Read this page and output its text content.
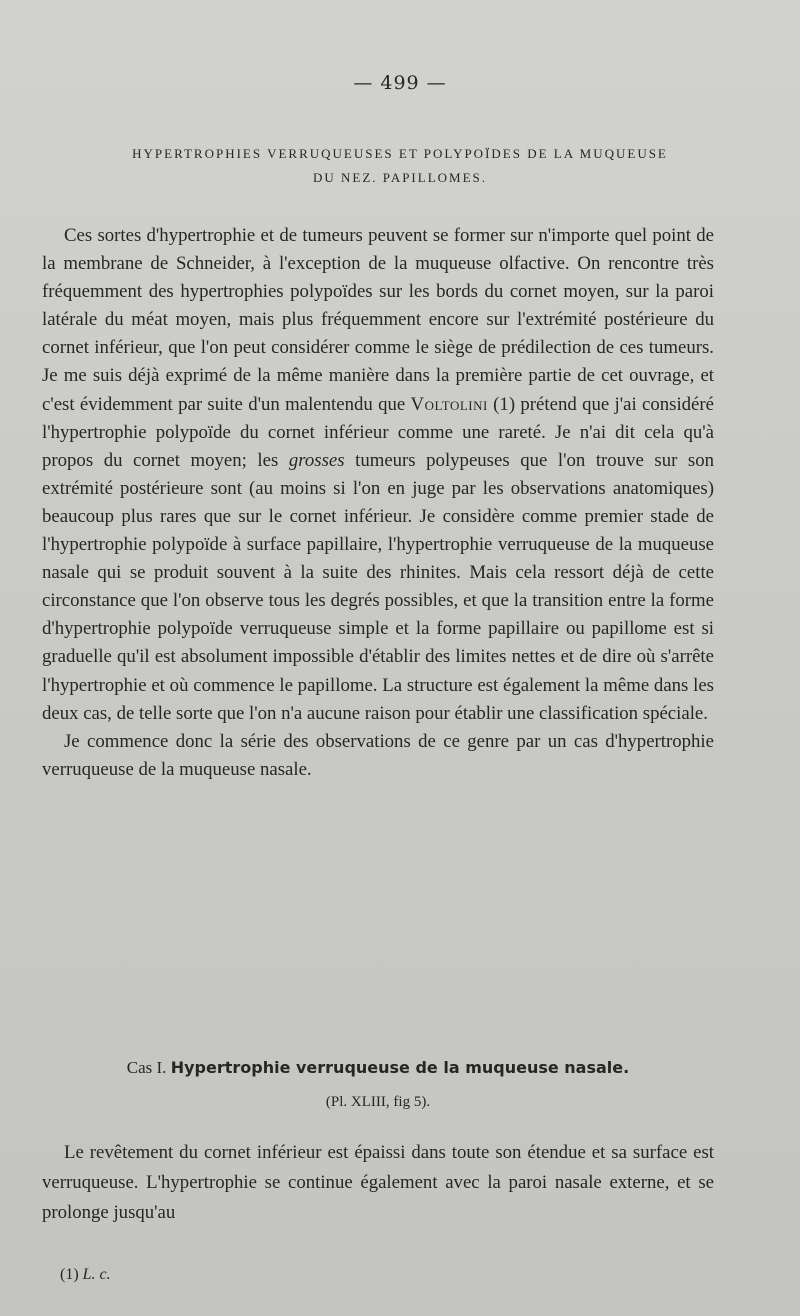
— 499 —
HYPERTROPHIES VERRUQUEUSES ET POLYPOÏDES DE LA MUQUEUSE
DU NEZ. PAPILLOMES.

Ces sortes d'hypertrophie et de tumeurs peuvent se former sur n'importe quel point de la membrane de Schneider, à l'exception de la muqueuse olfactive. On rencontre très fréquemment des hypertrophies polypoïdes sur les bords du cornet moyen, sur la paroi latérale du méat moyen, mais plus fréquemment encore sur l'extrémité postérieure du cornet inférieur, que l'on peut considérer comme le siège de prédilection de ces tumeurs. Je me suis déjà exprimé de la même manière dans la première partie de cet ouvrage, et c'est évidemment par suite d'un malentendu que Voltolini (1) prétend que j'ai considéré l'hypertrophie polypoïde du cornet inférieur comme une rareté. Je n'ai dit cela qu'à propos du cornet moyen; les grosses tumeurs polypeuses que l'on trouve sur son extrémité postérieure sont (au moins si l'on en juge par les observations anatomiques) beaucoup plus rares que sur le cornet inférieur. Je considère comme premier stade de l'hypertrophie polypoïde à surface papillaire, l'hypertrophie verruqueuse de la muqueuse nasale qui se produit souvent à la suite des rhinites. Mais cela ressort déjà de cette circonstance que l'on observe tous les degrés possibles, et que la transition entre la forme d'hypertrophie polypoïde verruqueuse simple et la forme papillaire ou papillome est si graduelle qu'il est absolument impossible d'établir des limites nettes et de dire où s'arrête l'hypertrophie et où commence le papillome. La structure est également la même dans les deux cas, de telle sorte que l'on n'a aucune raison pour établir une classification spéciale.

Je commence donc la série des observations de ce genre par un cas d'hypertrophie verruqueuse de la muqueuse nasale.

Cas I. Hypertrophie verruqueuse de la muqueuse nasale.
(Pl. XLIII, fig 5).

Le revêtement du cornet inférieur est épaissi dans toute son étendue et sa surface est verruqueuse. L'hypertrophie se continue également avec la paroi nasale externe, et se prolonge jusqu'au

(1) L. c.
